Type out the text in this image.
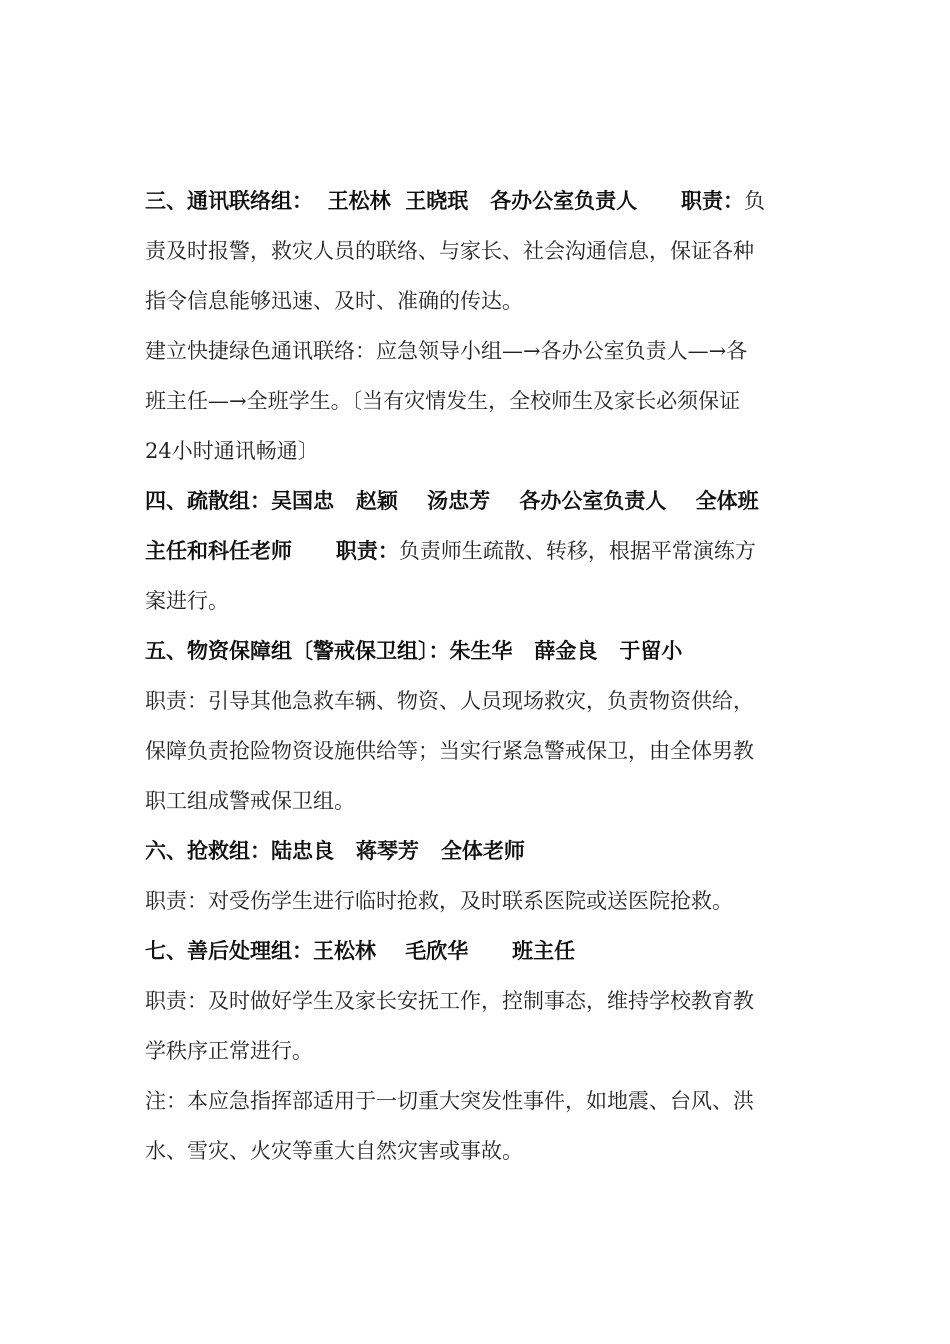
三、通讯联络组：  王松林  王晓珉   各办公室负责人      职责：负
责及时报警，救灾人员的联络、与家长、社会沟通信息，保证各种
指令信息能够迅速、及时、准确的传达。
建立快捷绿色通讯联络：应急领导小组—→各办公室负责人—→各
班主任—→全班学生。〔当有灾情发生，全校师生及家长必须保证
24小时通讯畅通〕
四、疏散组：吴国忠   赵颖    汤忠芳    各办公室负责人    全体班
主任和科任老师      职责：负责师生疏散、转移，根据平常演练方
案进行。
五、物资保障组〔警戒保卫组〕：朱生华   薛金良   于留小
职责：引导其他急救车辆、物资、人员现场救灾，负责物资供给，
保障负责抢险物资设施供给等；当实行紧急警戒保卫，由全体男教
职工组成警戒保卫组。
六、抢救组：陆忠良   蒋琴芳   全体老师
职责：对受伤学生进行临时抢救，及时联系医院或送医院抢救。
七、善后处理组：王松林    毛欣华      班主任
职责：及时做好学生及家长安抚工作，控制事态，维持学校教育教
学秩序正常进行。
注：本应急指挥部适用于一切重大突发性事件，如地震、台风、洪
水、雪灾、火灾等重大自然灾害或事故。
